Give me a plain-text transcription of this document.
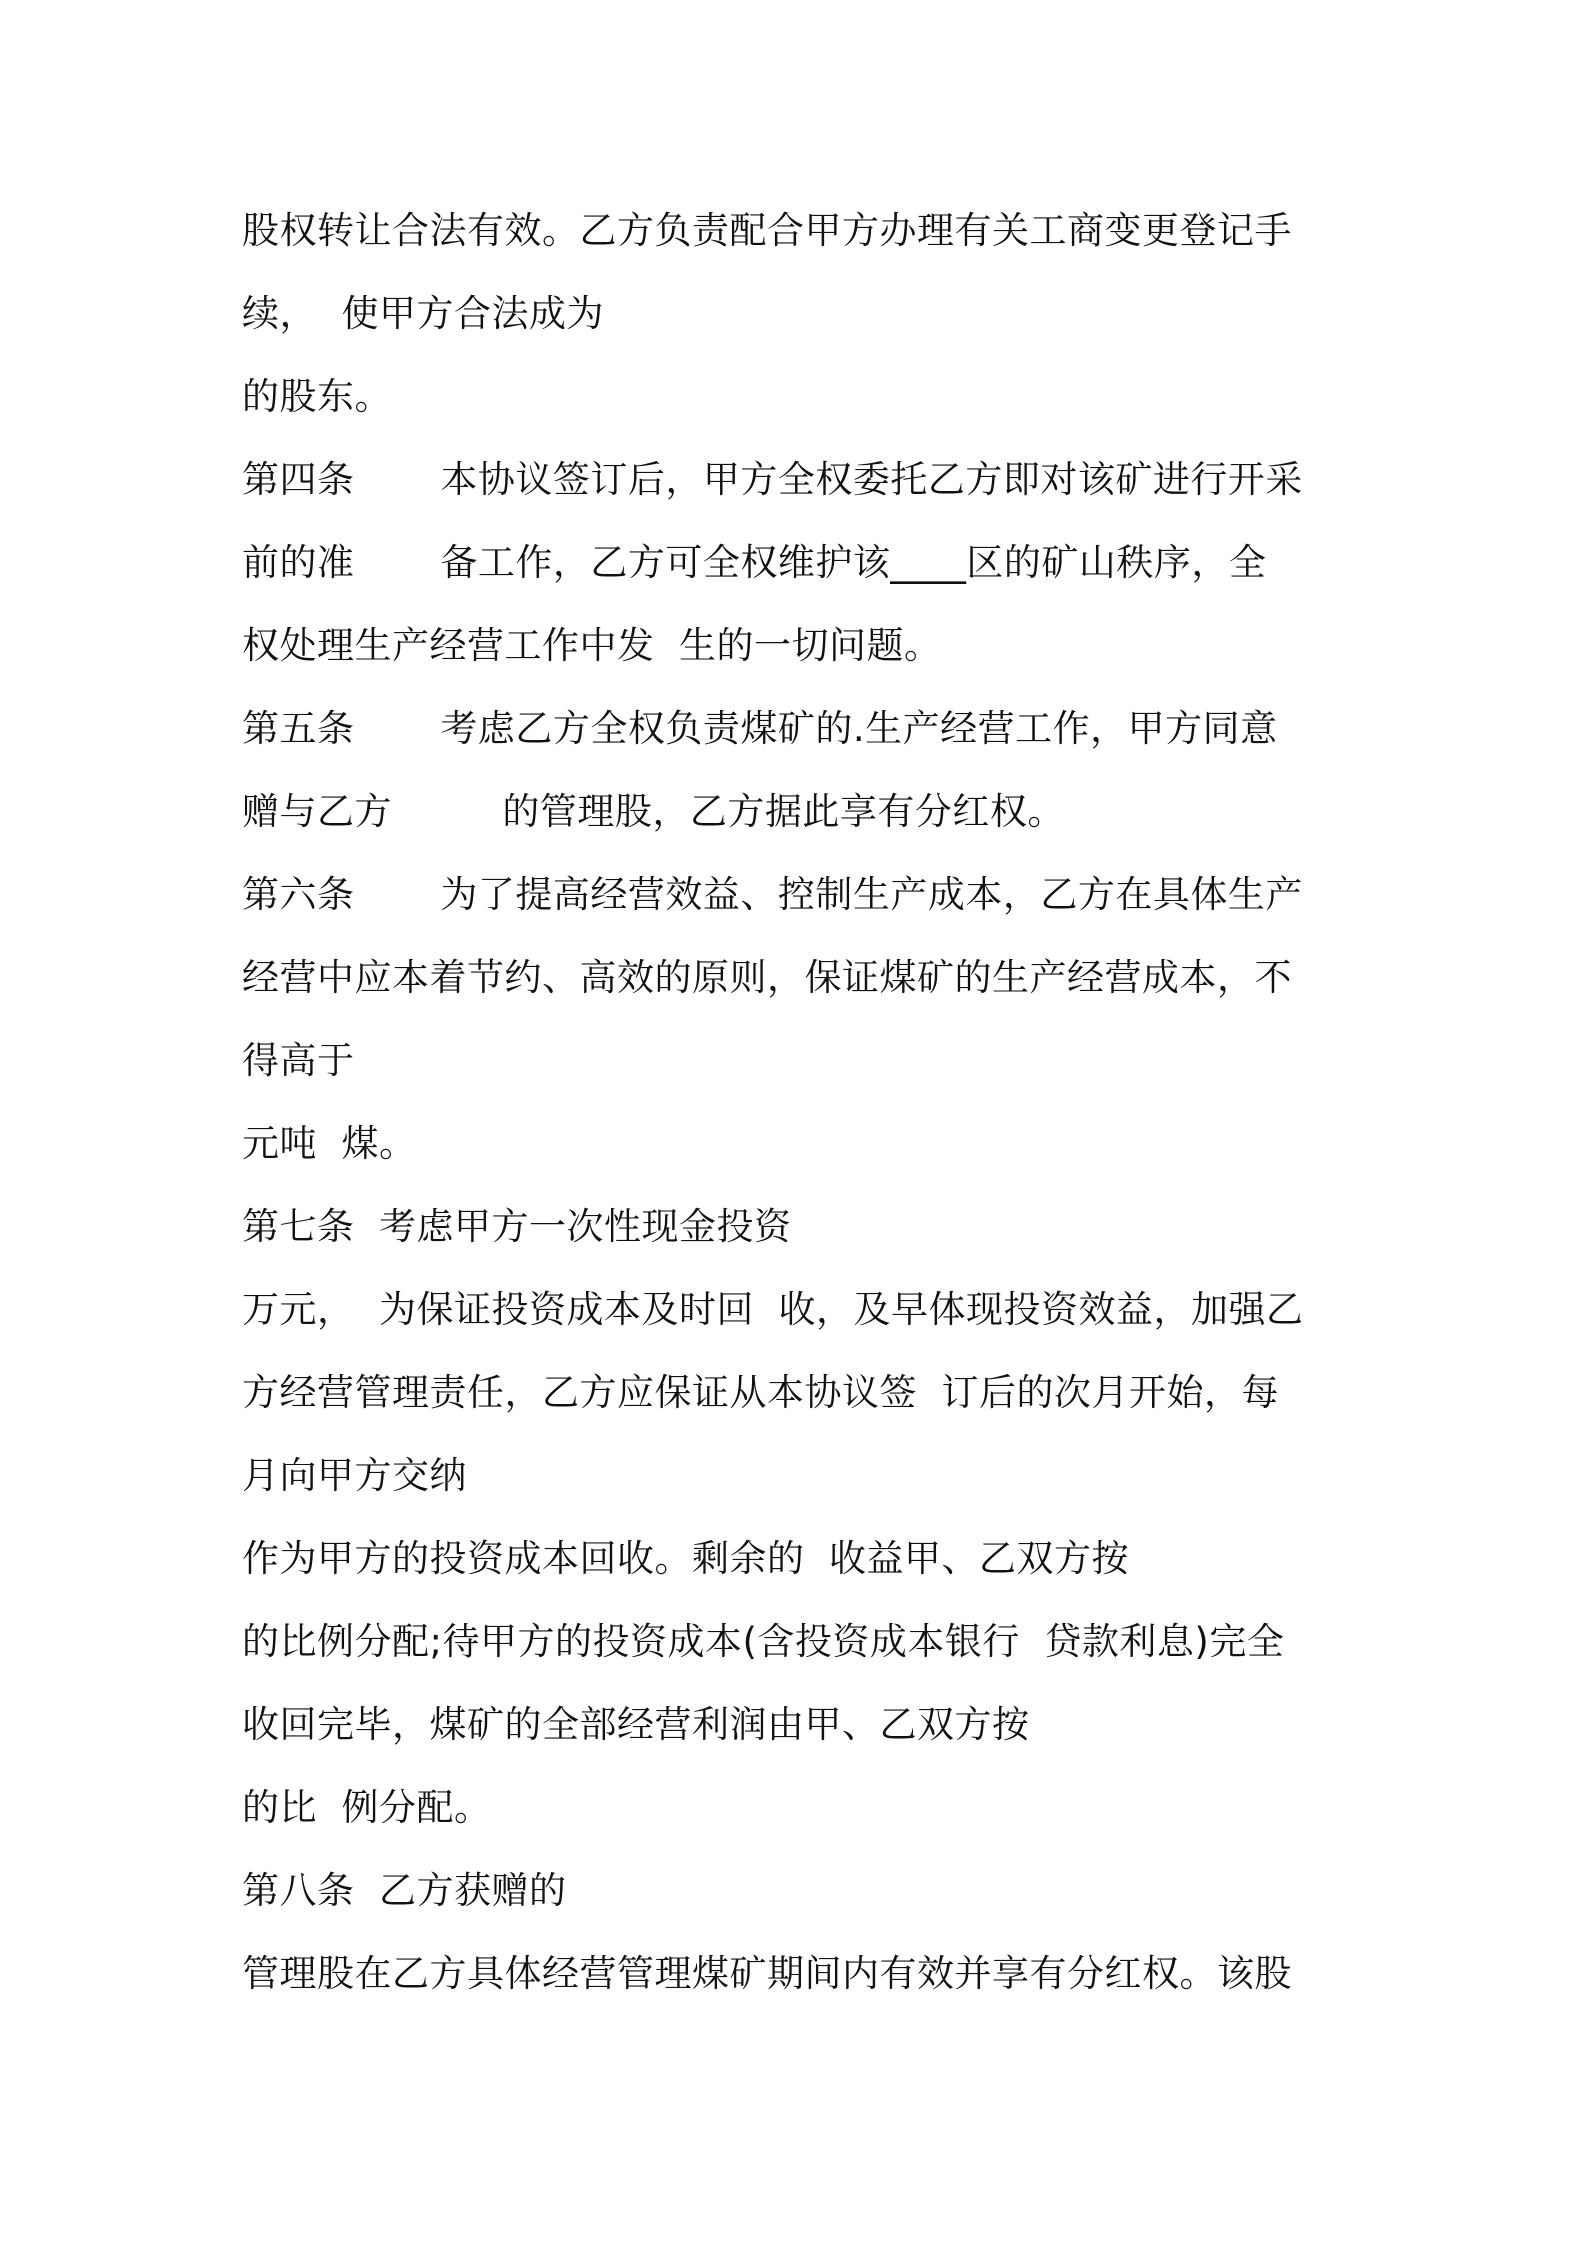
股权转让合法有效。乙方负责配合甲方办理有关工商变更登记手
续，  使甲方合法成为
的股东。
第四条       本协议签订后，甲方全权委托乙方即对该矿进行开采
前的准       备工作，乙方可全权维护该____区的矿山秩序，全
权处理生产经营工作中发  生的一切问题。
第五条       考虑乙方全权负责煤矿的.生产经营工作，甲方同意
赠与乙方         的管理股，乙方据此享有分红权。
第六条       为了提高经营效益、控制生产成本，乙方在具体生产
经营中应本着节约、高效的原则，保证煤矿的生产经营成本，不
得高于
元吨  煤。
第七条  考虑甲方一次性现金投资
万元，  为保证投资成本及时回  收，及早体现投资效益，加强乙
方经营管理责任，乙方应保证从本协议签  订后的次月开始，每
月向甲方交纳
作为甲方的投资成本回收。剩余的  收益甲、乙双方按
的比例分配;待甲方的投资成本(含投资成本银行  贷款利息)完全
收回完毕，煤矿的全部经营利润由甲、乙双方按
的比  例分配。
第八条  乙方获赠的
管理股在乙方具体经营管理煤矿期间内有效并享有分红权。该股
